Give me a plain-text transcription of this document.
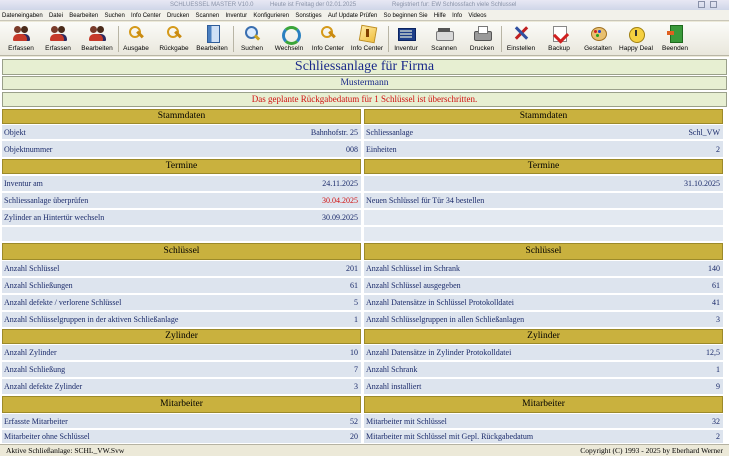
SCHLUESSEL MASTER V10.0	Heute ist Freitag der 02.01.2025	Registriert fur: EW Schlossfach viele Schlussel
Dateneingaben Datei Bearbeiten Suchen Info Center Drucken Scannen Inventur Konfigurieren Sonstiges Auf Update Prüfen So beginnen Sie Hilfe Info Videos
Erfassen	Erfassen	Bearbeiten	Ausgabe	Rückgabe	Bearbeiten	Suchen	Wechseln	Info Center	Info Center	Inventur	Scannen	Drucken	Einstellen	Backup	Gestalten	Happy Deal	Beenden
Schliessanlage für Firma
Mustermann
Das geplante Rückgabedatum für 1 Schlüssel ist überschritten.
Stammdaten
Objekt	Bahnhofstr. 25
Objektnummer	008
Termine
Inventur am	24.11.2025
Schliessanlage überprüfen	30.04.2025
Zylinder an Hintertür wechseln	30.09.2025
Schlüssel
Anzahl Schlüssel	201
Anzahl Schließungen	61
Anzahl defekte / verlorene Schlüssel	5
Anzahl Schlüsselgruppen in der aktiven Schließanlage	1
Zylinder
Anzahl Zylinder	10
Anzahl Schließung	7
Anzahl defekte Zylinder	3
Mitarbeiter
Erfasste Mitarbeiter	52
Mitarbeiter ohne Schlüssel	20
Stammdaten
Schliessanlage	Schl_VW
Einheiten	2
Termine
31.10.2025
Neuen Schlüssel für Tür 34 bestellen
Schlüssel
Anzahl Schlüssel im Schrank	140
Anzahl Schlüssel ausgegeben	61
Anzahl Datensätze in Schlüssel Protokolldatei	41
Anzahl Schlüsselgruppen in allen Schließanlagen	3
Zylinder
Anzahl Datensätze in Zylinder Protokolldatei	12,5
Anzahl Schrank	1
Anzahl installiert	9
Mitarbeiter
Mitarbeiter mit Schlüssel	32
Mitarbeiter mit Schlüssel mit Gepl. Rückgabedatum	2
Aktive Schließanlage: SCHL_VW.Svw	Copyright (C) 1993 - 2025 by Eberhard Werner
